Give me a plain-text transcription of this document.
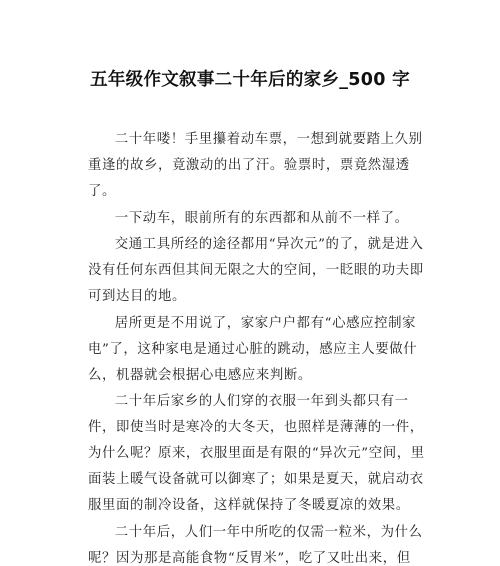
五年级作文叙事二十年后的家乡_500 字

二十年喽！手里攥着动车票，一想到就要踏上久别重逢的故乡，竟激动的出了汗。验票时，票竟然湿透了。

一下动车，眼前所有的东西都和从前不一样了。

交通工具所经的途径都用“异次元”的了，就是进入没有任何东西但其间无限之大的空间，一眨眼的功夫即可到达目的地。

居所更是不用说了，家家户户都有“心感应控制家电”了，这种家电是通过心脏的跳动，感应主人要做什么，机器就会根据心电感应来判断。

二十年后家乡的人们穿的衣服一年到头都只有一件，即使当时是寒冷的大冬天，也照样是薄薄的一件，为什么呢？原来，衣服里面是有限的“异次元”空间，里面装上暖气设备就可以御寒了；如果是夏天，就启动衣服里面的制冷设备，这样就保持了冬暖夏凉的效果。

二十年后，人们一年中所吃的仅需一粒米，为什么呢？因为那是高能食物“反胃米”，吃了又吐出来，但
